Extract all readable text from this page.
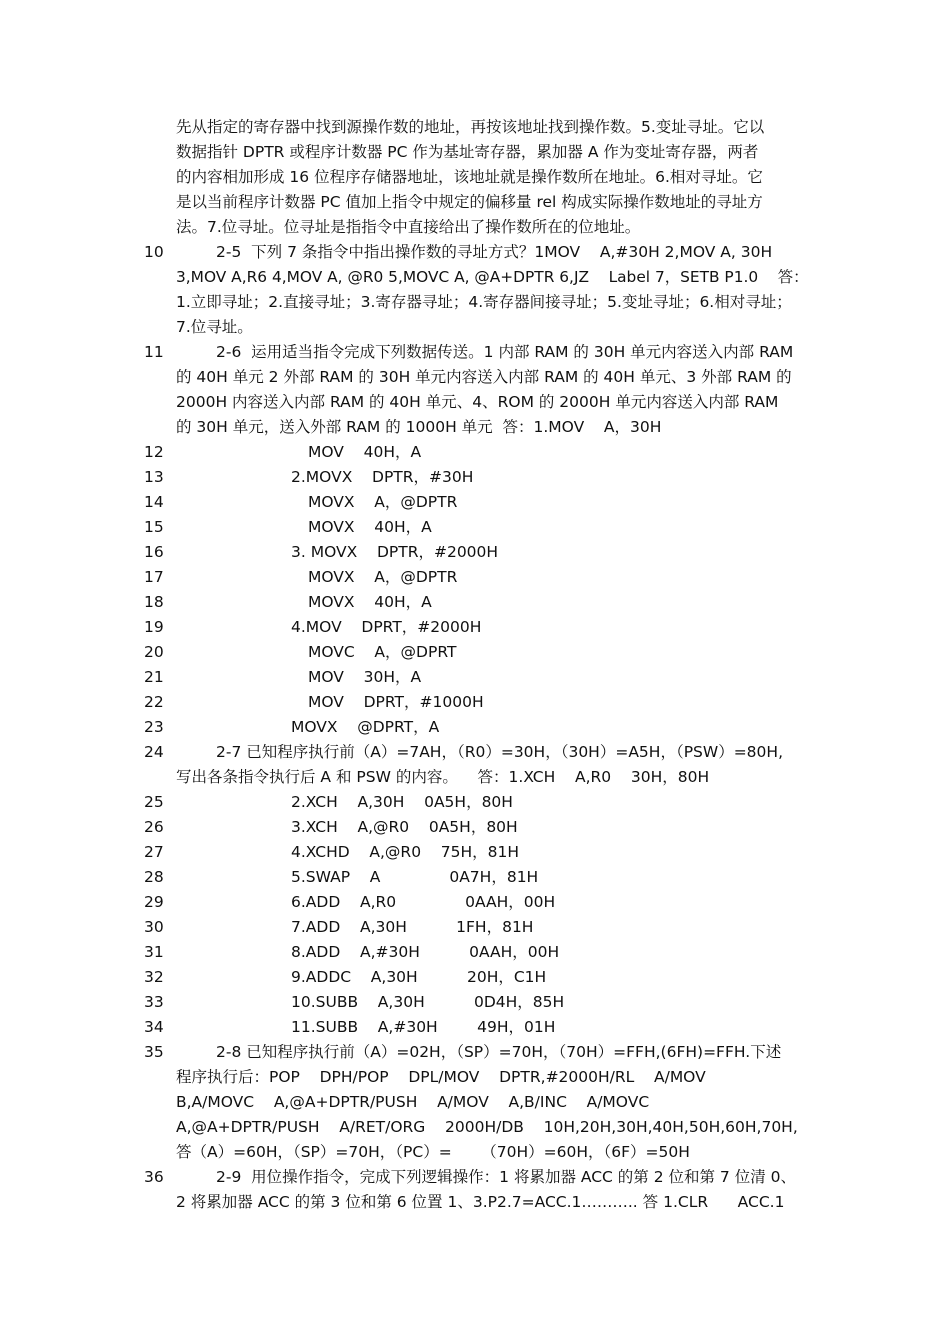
先从指定的寄存器中找到源操作数的地址，再按该地址找到操作数。5.变址寻址。它以

数据指针 DPTR 或程序计数器 PC 作为基址寄存器，累加器 A 作为变址寄存器，两者

的内容相加形成 16 位程序存储器地址，该地址就是操作数所在地址。6.相对寻址。它

是以当前程序计数器 PC 值加上指令中规定的偏移量 rel 构成实际操作数地址的寻址方

法。7.位寻址。位寻址是指指令中直接给出了操作数所在的位地址。

10

	2-5  下列 7 条指令中指出操作数的寻址方式？1MOV    A,#30H 2,MOV A, 30H

3,MOV A,R6 4,MOV A, @R0 5,MOVC A, @A+DPTR 6,JZ    Label 7，SETB P1.0    答：

1.立即寻址；2.直接寻址；3.寄存器寻址；4.寄存器间接寻址；5.变址寻址；6.相对寻址；

7.位寻址。

11

	2-6  运用适当指令完成下列数据传送。1 内部 RAM 的 30H 单元内容送入内部 RAM

的 40H 单元 2 外部 RAM 的 30H 单元内容送入内部 RAM 的 40H 单元、3 外部 RAM 的

2000H 内容送入内部 RAM 的 40H 单元、4、ROM 的 2000H 单元内容送入内部 RAM

的 30H 单元，送入外部 RAM 的 1000H 单元  答：1.MOV    A，30H

12

	MOV    40H，A

13

	2.MOVX    DPTR，#30H

14

	MOVX    A，@DPTR

15

	MOVX    40H，A

16

	3. MOVX    DPTR，#2000H

17

	MOVX    A，@DPTR

18

	MOVX    40H，A

19

	4.MOV    DPRT，#2000H

20

	MOVC    A，@DPRT

21

	MOV    30H，A

22

	MOV    DPRT，#1000H

23

	MOVX    @DPRT，A

24

	2-7 已知程序执行前（A）=7AH，（R0）=30H，（30H）=A5H，（PSW）=80H,

写出各条指令执行后 A 和 PSW 的内容。    答：1.XCH    A,R0    30H，80H

25

	2.XCH    A,30H    0A5H，80H

26

	3.XCH    A,@R0    0A5H，80H

27

	4.XCHD    A,@R0    75H，81H

28

	5.SWAP    A              0A7H，81H

29

	6.ADD    A,R0              0AAH，00H

30

	7.ADD    A,30H          1FH，81H

31

	8.ADD    A,#30H          0AAH，00H

32

	9.ADDC    A,30H          20H，C1H

33

	10.SUBB    A,30H          0D4H，85H

34

	11.SUBB    A,#30H        49H，01H

35

	2-8 已知程序执行前（A）=02H，（SP）=70H，（70H）=FFH,(6FH)=FFH.下述

程序执行后：POP    DPH/POP    DPL/MOV    DPTR,#2000H/RL    A/MOV

B,A/MOVC    A,@A+DPTR/PUSH    A/MOV    A,B/INC    A/MOVC

A,@A+DPTR/PUSH    A/RET/ORG    2000H/DB    10H,20H,30H,40H,50H,60H,70H,

答（A）=60H，（SP）=70H，（PC）=      （70H）=60H，（6F）=50H

36

	2-9  用位操作指令，完成下列逻辑操作：1 将累加器 ACC 的第 2 位和第 7 位清 0、

2 将累加器 ACC 的第 3 位和第 6 位置 1、3.P2.7=ACC.1……….. 答 1.CLR      ACC.1
